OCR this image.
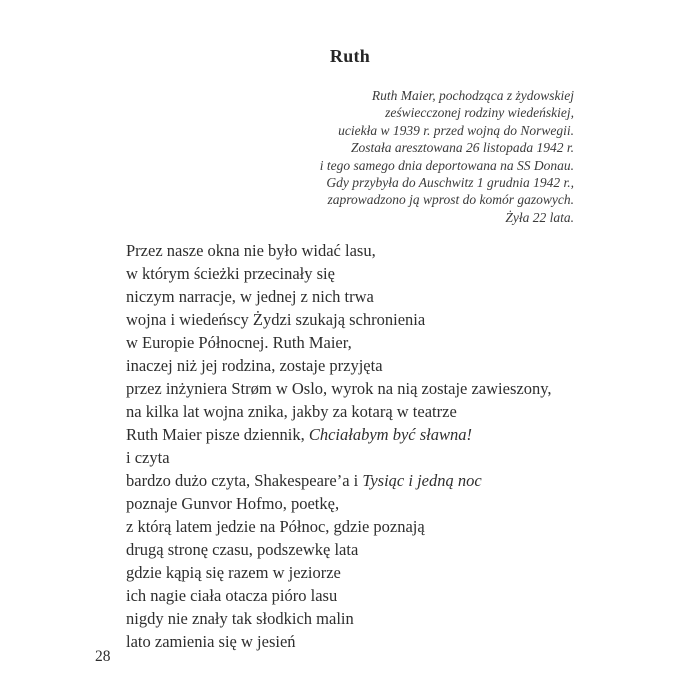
Ruth
Ruth Maier, pochodząca z żydowskiej
zeświecczonej rodziny wiedeńskiej,
uciekła w 1939 r. przed wojną do Norwegii.
Została aresztowana 26 listopada 1942 r.
i tego samego dnia deportowana na SS Donau.
Gdy przybyła do Auschwitz 1 grudnia 1942 r.,
zaprowadzono ją wprost do komór gazowych.
Żyła 22 lata.
Przez nasze okna nie było widać lasu,
w którym ścieżki przecinały się
niczym narracje, w jednej z nich trwa
wojna i wiedeńscy Żydzi szukają schronienia
w Europie Północnej. Ruth Maier,
inaczej niż jej rodzina, zostaje przyjęta
przez inżyniera Strøm w Oslo, wyrok na nią zostaje zawieszony,
na kilka lat wojna znika, jakby za kotarą w teatrze
Ruth Maier pisze dziennik, Chciałabym być sławna!
i czyta
bardzo dużo czyta, Shakespeare’a i Tysiąc i jedną noc
poznaje Gunvor Hofmo, poetkę,
z którą latem jedzie na Północ, gdzie poznają
drugą stronę czasu, podszewkę lata
gdzie kąpią się razem w jeziorze
ich nagie ciała otacza pióro lasu
nigdy nie znały tak słodkich malin
lato zamienia się w jesień
28
